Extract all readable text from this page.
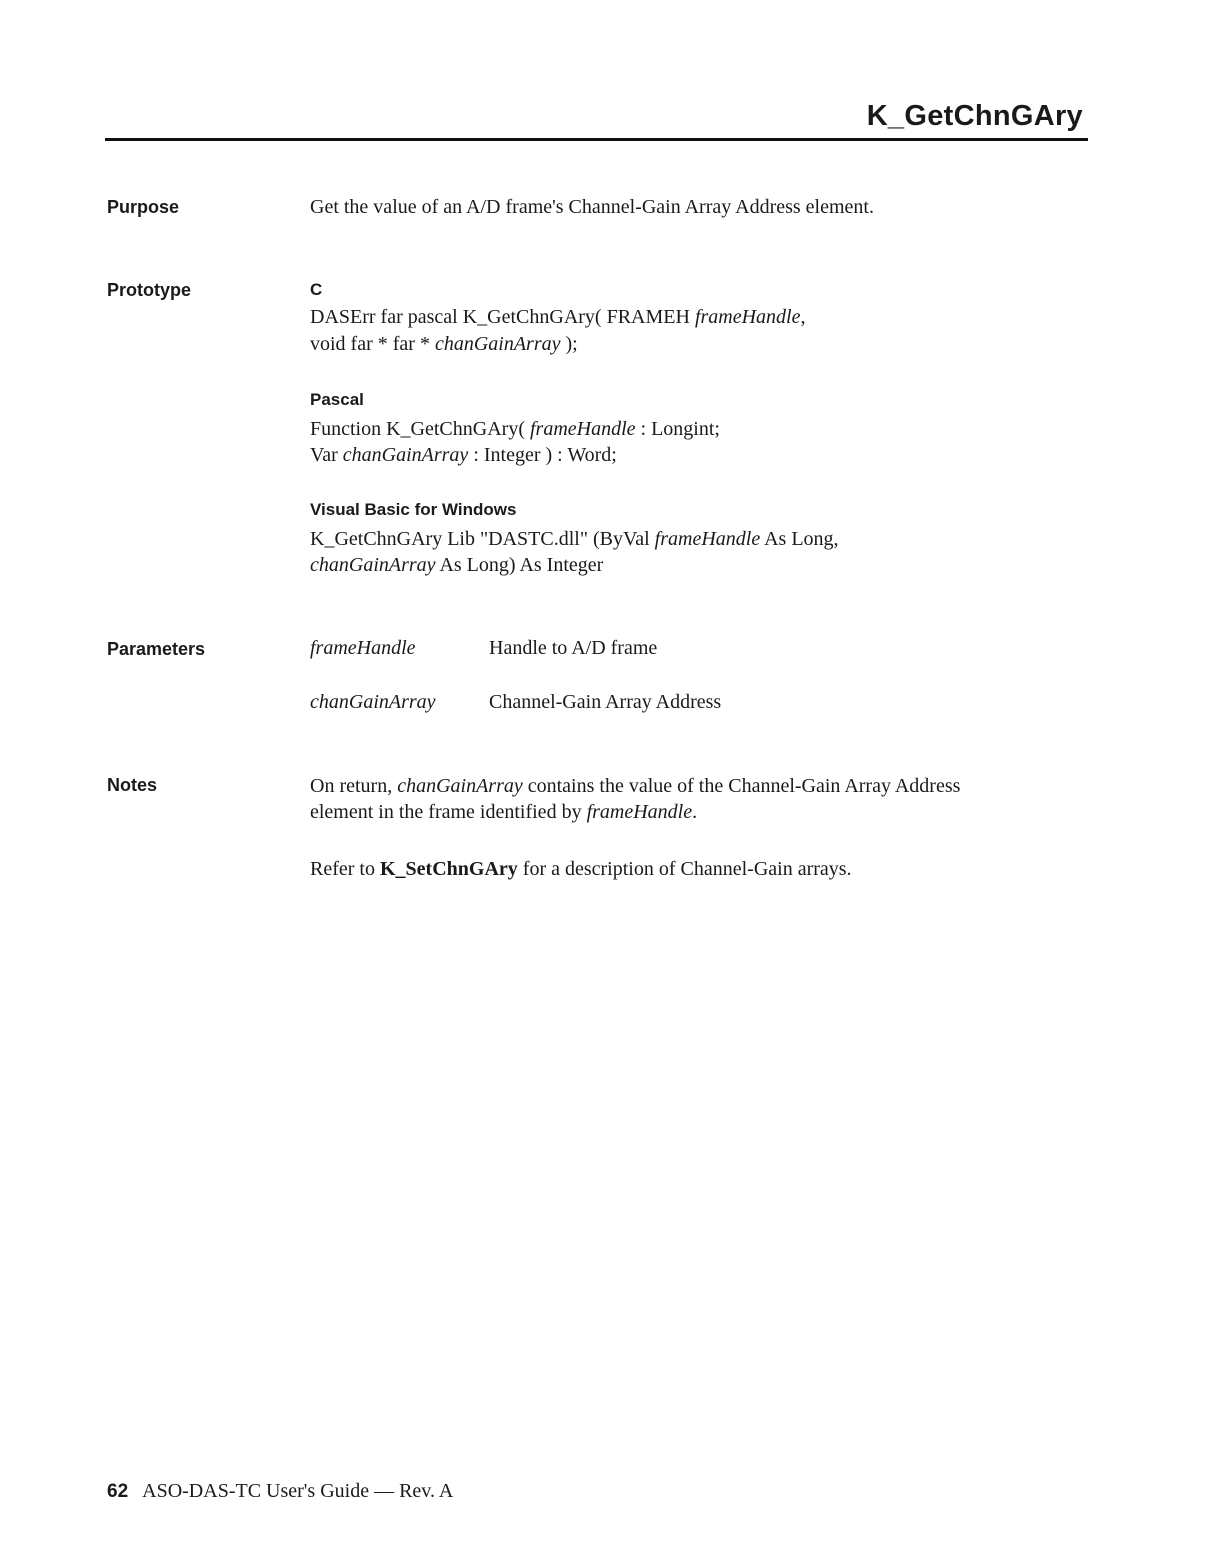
K_GetChnGAry
Purpose	Get the value of an A/D frame's Channel-Gain Array Address element.
Prototype	C
DASErr far pascal K_GetChnGAry( FRAMEH frameHandle,
void far * far * chanGainArray );
Pascal
Function K_GetChnGAry( frameHandle : Longint;
Var chanGainArray : Integer ) : Word;
Visual Basic for Windows
K_GetChnGAry Lib "DASTC.dll" (ByVal frameHandle As Long,
chanGainArray As Long) As Integer
Parameters	frameHandle	Handle to A/D frame
chanGainArray	Channel-Gain Array Address
Notes	On return, chanGainArray contains the value of the Channel-Gain Array Address
element in the frame identified by frameHandle.
Refer to K_SetChnGAry for a description of Channel-Gain arrays.
62 ASO-DAS-TC User's Guide — Rev. A
